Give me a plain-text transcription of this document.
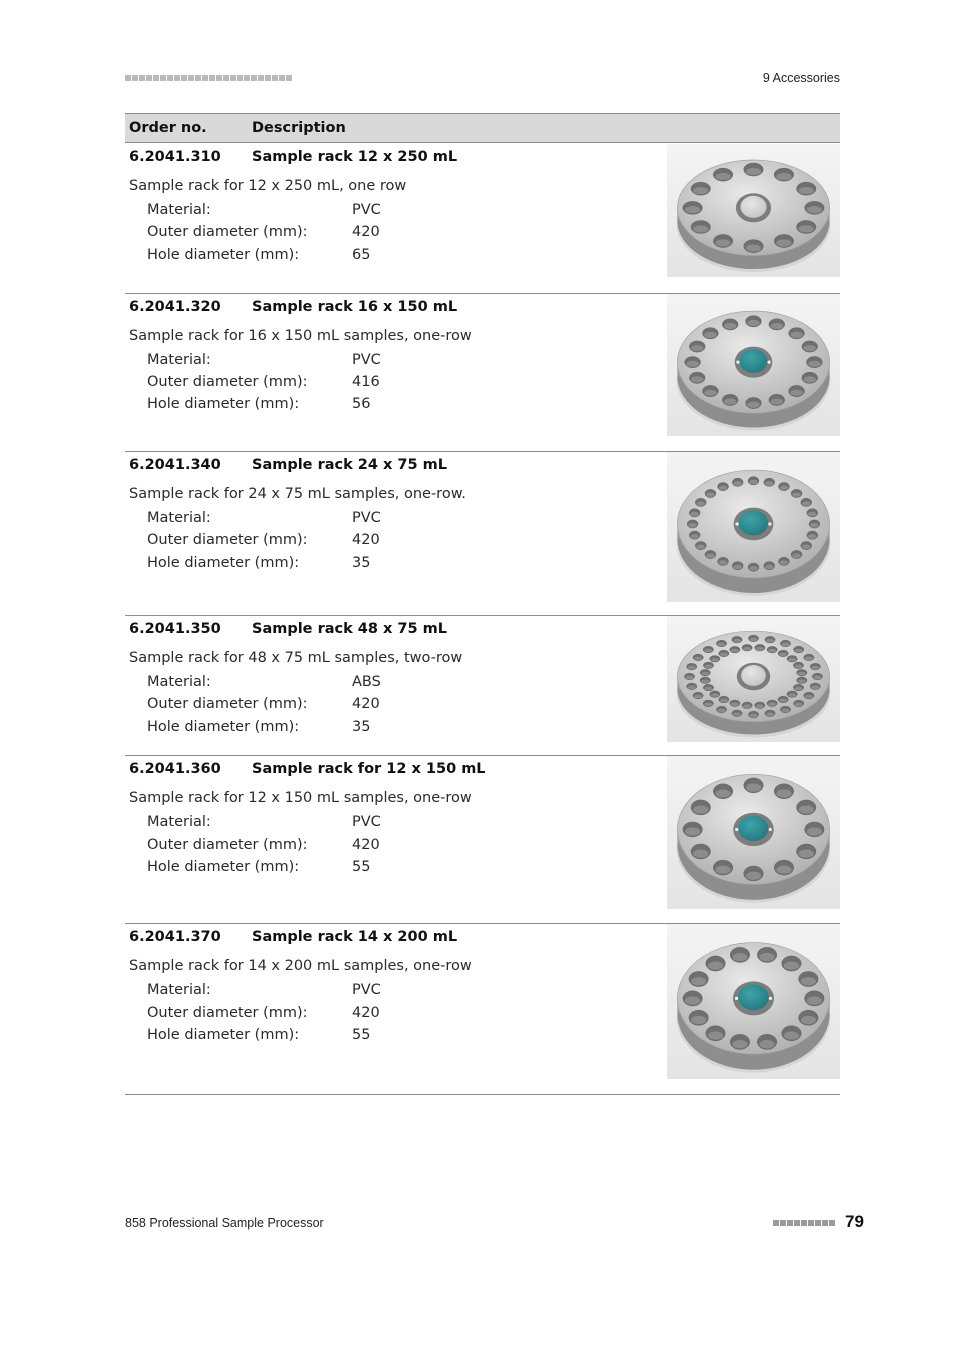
9 Accessories
Order no.	Description
6.2041.310 Sample rack 12 x 250 mL
Sample rack for 12 x 250 mL, one row
Material:	PVC
Outer diameter (mm):	420
Hole diameter (mm):	65
6.2041.320 Sample rack 16 x 150 mL
Sample rack for 16 x 150 mL samples, one-row
Material:	PVC
Outer diameter (mm):	416
Hole diameter (mm):	56
6.2041.340 Sample rack 24 x 75 mL
Sample rack for 24 x 75 mL samples, one-row.
Material:	PVC
Outer diameter (mm):	420
Hole diameter (mm):	35
6.2041.350 Sample rack 48 x 75 mL
Sample rack for 48 x 75 mL samples, two-row
Material:	ABS
Outer diameter (mm):	420
Hole diameter (mm):	35
6.2041.360 Sample rack for 12 x 150 mL
Sample rack for 12 x 150 mL samples, one-row
Material:	PVC
Outer diameter (mm):	420
Hole diameter (mm):	55
6.2041.370 Sample rack 14 x 200 mL
Sample rack for 14 x 200 mL samples, one-row
Material:	PVC
Outer diameter (mm):	420
Hole diameter (mm):	55
858 Professional Sample Processor	79
